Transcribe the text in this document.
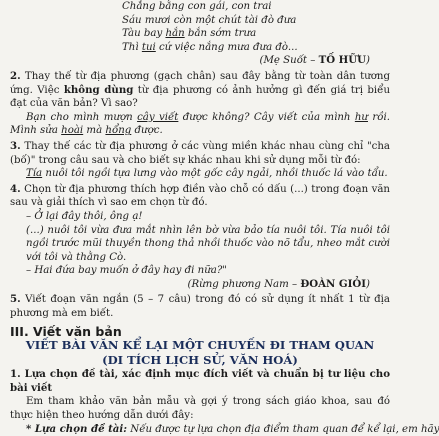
Chẳng bằng con gái, con trai
Sáu mươi còn một chút tài đò đưa
Tàu bay hắn bắn sớm trưa
Thì tui cứ việc nắng mưa đưa đò...
(Mẹ Suốt – TỐ HỮU)
2. Thay thế từ địa phương (gạch chân) sau đây bằng từ toàn dân tương ứng. Việc không dùng từ địa phương có ảnh hưởng gì đến giá trị biểu đạt của văn bản? Vì sao?
Bạn cho mình mượn cây viết được không? Cây viết của mình hư rồi. Mình sửa hoài mà hổng được.
3. Thay thế các từ địa phương ở các vùng miền khác nhau cùng chỉ "cha (bố)" trong câu sau và cho biết sự khác nhau khi sử dụng mỗi từ đó:
Tía nuôi tôi ngồi tựa lưng vào một gốc cây ngải, nhồi thuốc lá vào tẩu.
4. Chọn từ địa phương thích hợp điền vào chỗ có dấu (...) trong đoạn văn sau và giải thích vì sao em chọn từ đó.
– Ở lại đây thôi, ông ạ!
(...) nuôi tôi vừa đưa mắt nhìn lên bờ vừa bảo tía nuôi tôi. Tía nuôi tôi ngồi trước mũi thuyền thong thả nhồi thuốc vào nõ tẩu, nheo mắt cười với tôi và thằng Cò.
– Hai đứa bay muốn ở đây hay đi nữa?"
(Rừng phương Nam – ĐOÀN GIỎI)
5. Viết đoạn văn ngắn (5 – 7 câu) trong đó có sử dụng ít nhất 1 từ địa phương mà em biết.
III. Viết văn bản
VIẾT BÀI VĂN KỂ LẠI MỘT CHUYẾN ĐI THAM QUAN
(DI TÍCH LỊCH SỬ, VĂN HOÁ)
1. Lựa chọn đề tài, xác định mục đích viết và chuẩn bị tư liệu cho bài viết
Em tham khảo văn bản mẫu và gợi ý trong sách giáo khoa, sau đó thực hiện theo hướng dẫn dưới đây:
* Lựa chọn đề tài: Nếu được tự lựa chọn địa điểm tham quan để kể lại, em hãy
